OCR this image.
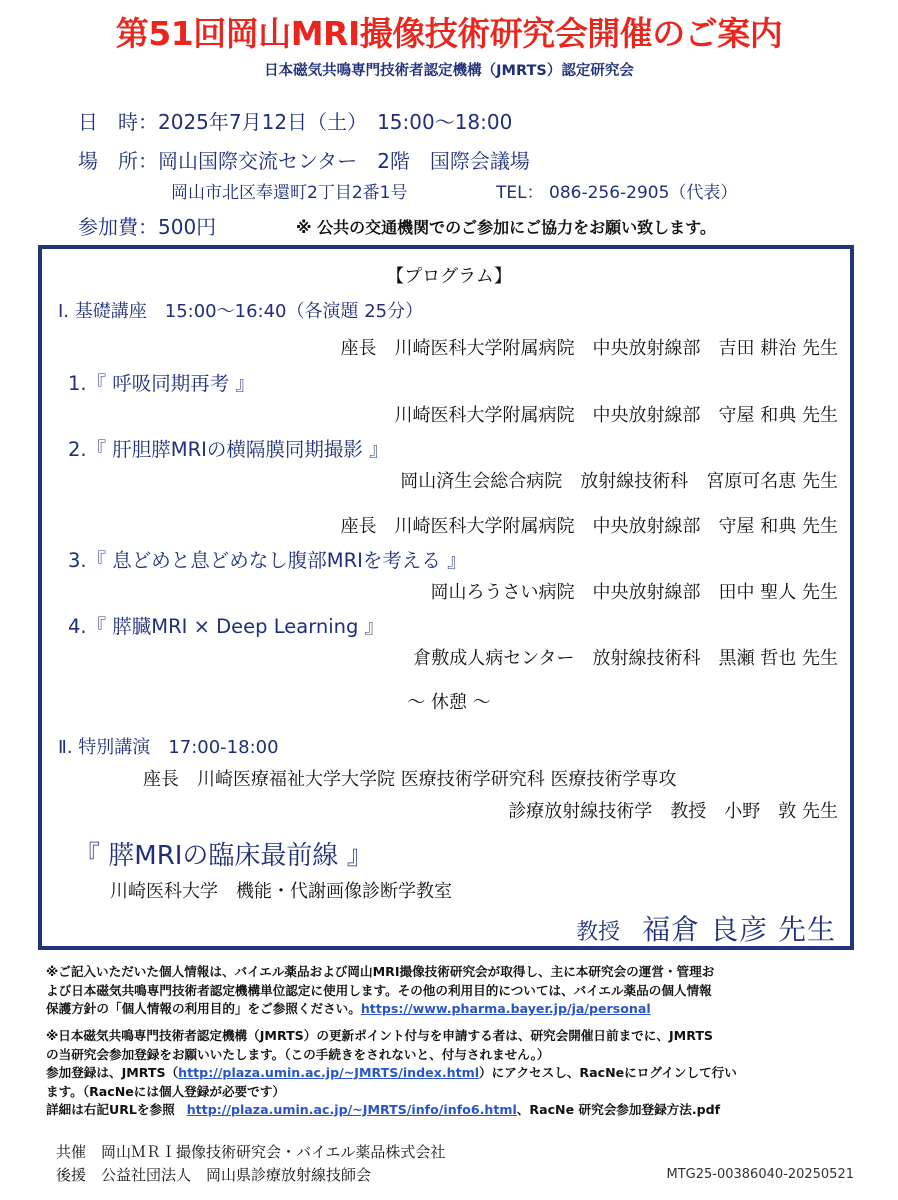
第51回岡山MRI撮像技術研究会開催のご案内
日本磁気共鳴専門技術者認定機構（JMRTS）認定研究会
日　時：2025年7月12日（土）　15:00～18:00
場　所：岡山国際交流センター　2階　国際会議場
岡山市北区奉還町2丁目2番1号	TEL： 086-256-2905（代表）
参加費：500円	※ 公共の交通機関でのご参加にご協力をお願い致します。
【プログラム】
Ⅰ. 基礎講座　15:00～16:40（各演題 25分）
座長　川崎医科大学附属病院　中央放射線部　吉田 耕治 先生
1.『 呼吸同期再考 』
川崎医科大学附属病院　中央放射線部　守屋 和典 先生
2.『 肝胆膵MRIの横隔膜同期撮影 』
岡山済生会総合病院　放射線技術科　宮原可名恵 先生
座長　川崎医科大学附属病院　中央放射線部　守屋 和典 先生
3.『 息どめと息どめなし腹部MRIを考える 』
岡山ろうさい病院　中央放射線部　田中 聖人 先生
4.『 膵臓MRI × Deep Learning 』
倉敷成人病センター　放射線技術科　黒瀬 哲也 先生
～ 休憩 ～
Ⅱ. 特別講演　17:00-18:00
座長　川崎医療福祉大学大学院 医療技術学研究科 医療技術学専攻
診療放射線技術学　教授　小野　敦 先生
『 膵MRIの臨床最前線 』
川崎医科大学　機能・代謝画像診断学教室
教授 福倉 良彦 先生
※ご記入いただいた個人情報は、バイエル薬品および岡山MRI撮像技術研究会が取得し、主に本研究会の運営・管理お
よび日本磁気共鳴専門技術者認定機構単位認定に使用します。その他の利用目的については、バイエル薬品の個人情報
保護方針の「個人情報の利用目的」をご参照ください。https://www.pharma.bayer.jp/ja/personal
※日本磁気共鳴専門技術者認定機構（JMRTS）の更新ポイント付与を申請する者は、研究会開催日前までに、JMRTS
の当研究会参加登録をお願いいたします。（この手続きをされないと、付与されません。）
参加登録は、JMRTS（http://plaza.umin.ac.jp/~JMRTS/index.html）にアクセスし、RacNeにログインして行い
ます。（RacNeには個人登録が必要です）
詳細は右記URLを参照 http://plaza.umin.ac.jp/~JMRTS/info/info6.html、RacNe 研究会参加登録方法.pdf
共催　岡山ＭＲＩ撮像技術研究会・バイエル薬品株式会社
後援　公益社団法人　岡山県診療放射線技師会	MTG25-00386040-20250521
